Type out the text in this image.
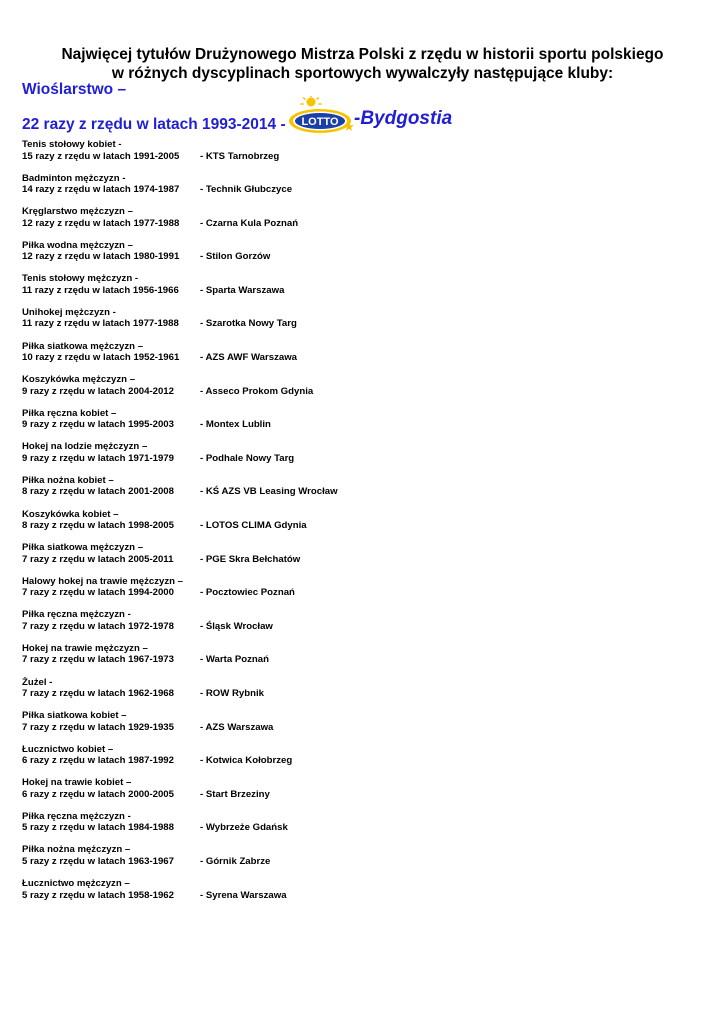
Najwięcej tytułów Drużynowego Mistrza Polski z rzędu w historii sportu polskiego
w różnych dyscyplinach sportowych wywalczyły następujące kluby:
Wioślarstwo –
22 razy z rzędu w latach 1993-2014 - LOTTO -Bydgostia
Tenis stołowy kobiet -
15 razy z rzędu w latach 1991-2005	- KTS Tarnobrzeg
Badminton mężczyzn -
14 razy z rzędu w latach 1974-1987	- Technik Głubczyce
Kręglarstwo mężczyzn –
12 razy z rzędu w latach 1977-1988	- Czarna Kula Poznań
Piłka wodna mężczyzn –
12 razy z rzędu w latach 1980-1991	- Stilon Gorzów
Tenis stołowy mężczyzn -
11 razy z rzędu w latach 1956-1966	- Sparta Warszawa
Unihokej mężczyzn -
11 razy z rzędu w latach 1977-1988	- Szarotka Nowy Targ
Piłka siatkowa mężczyzn –
10 razy z rzędu w latach 1952-1961	- AZS AWF Warszawa
Koszykówka mężczyzn –
9 razy z rzędu w latach 2004-2012	- Asseco Prokom Gdynia
Piłka ręczna kobiet –
9 razy z rzędu w latach 1995-2003	- Montex Lublin
Hokej na lodzie mężczyzn –
9 razy z rzędu w latach 1971-1979	- Podhale Nowy Targ
Piłka nożna kobiet –
8 razy z rzędu w latach 2001-2008	- KŚ AZS VB Leasing Wrocław
Koszykówka kobiet –
8 razy z rzędu w latach 1998-2005	- LOTOS CLIMA Gdynia
Piłka siatkowa mężczyzn –
7 razy z rzędu w latach 2005-2011	- PGE Skra Bełchatów
Halowy hokej na trawie mężczyzn –
7 razy z rzędu w latach 1994-2000	- Pocztowiec Poznań
Piłka ręczna mężczyzn -
7 razy z rzędu w latach 1972-1978	- Śląsk Wrocław
Hokej na trawie mężczyzn –
7 razy z rzędu w latach 1967-1973	- Warta Poznań
Żużel -
7 razy z rzędu w latach 1962-1968	- ROW Rybnik
Piłka siatkowa kobiet –
7 razy z rzędu w latach 1929-1935	- AZS Warszawa
Łucznictwo kobiet –
6 razy z rzędu w latach 1987-1992	- Kotwica Kołobrzeg
Hokej na trawie kobiet –
6 razy z rzędu w latach 2000-2005	- Start Brzeziny
Piłka ręczna mężczyzn -
5 razy z rzędu w latach 1984-1988	- Wybrzeże Gdańsk
Piłka nożna mężczyzn –
5 razy z rzędu w latach 1963-1967	- Górnik Zabrze
Łucznictwo mężczyzn –
5 razy z rzędu w latach 1958-1962	- Syrena Warszawa
